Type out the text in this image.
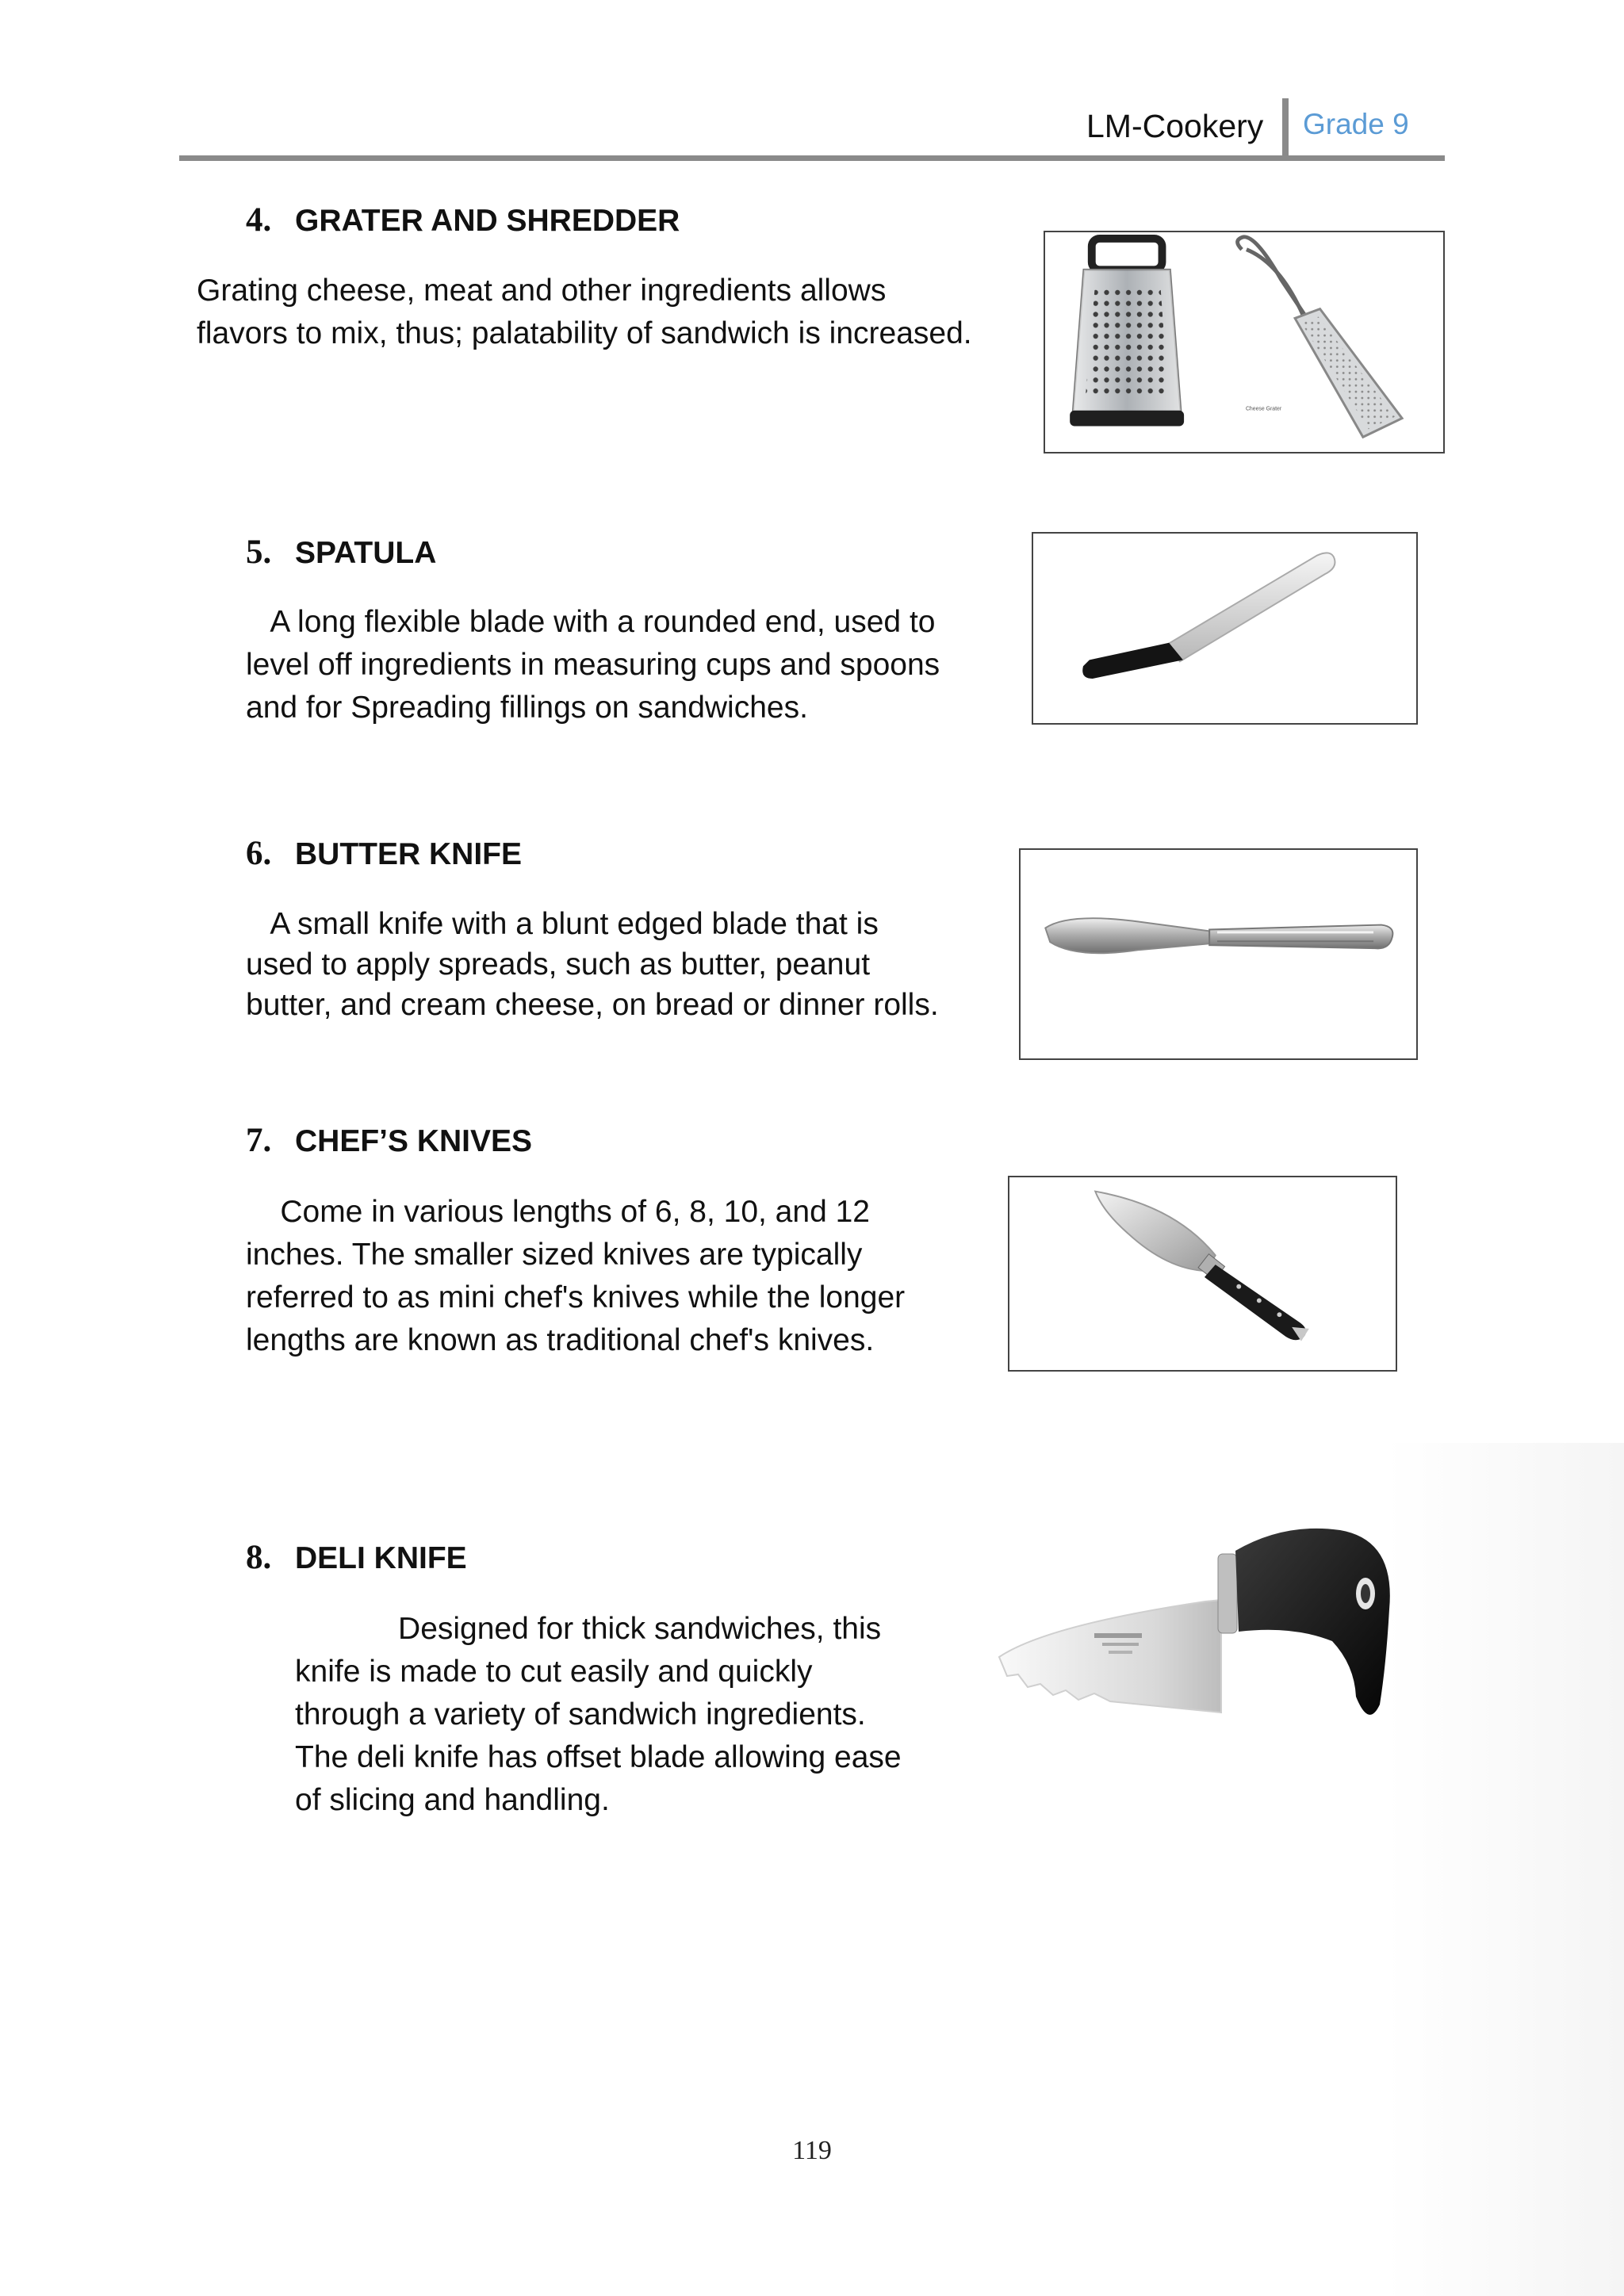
LM-Cookery Grade 9
4. GRATER AND SHREDDER
Grating cheese, meat and other ingredients allows
flavors to mix, thus; palatability of sandwich is increased.
Cheese Grater
5. SPATULA
A long flexible blade with a rounded end, used to
level off ingredients in measuring cups and spoons
and for Spreading fillings on sandwiches.
6. BUTTER KNIFE
A small knife with a blunt edged blade that is
used to apply spreads, such as butter, peanut
butter, and cream cheese, on bread or dinner rolls.
7. CHEF’S KNIVES
Come in various lengths of 6, 8, 10, and 12
inches. The smaller sized knives are typically
referred to as mini chef's knives while the longer
lengths are known as traditional chef's knives.
8. DELI KNIFE
Designed for thick sandwiches, this
knife is made to cut easily and quickly
through a variety of sandwich ingredients.
The deli knife has offset blade allowing ease
of slicing and handling.
119
